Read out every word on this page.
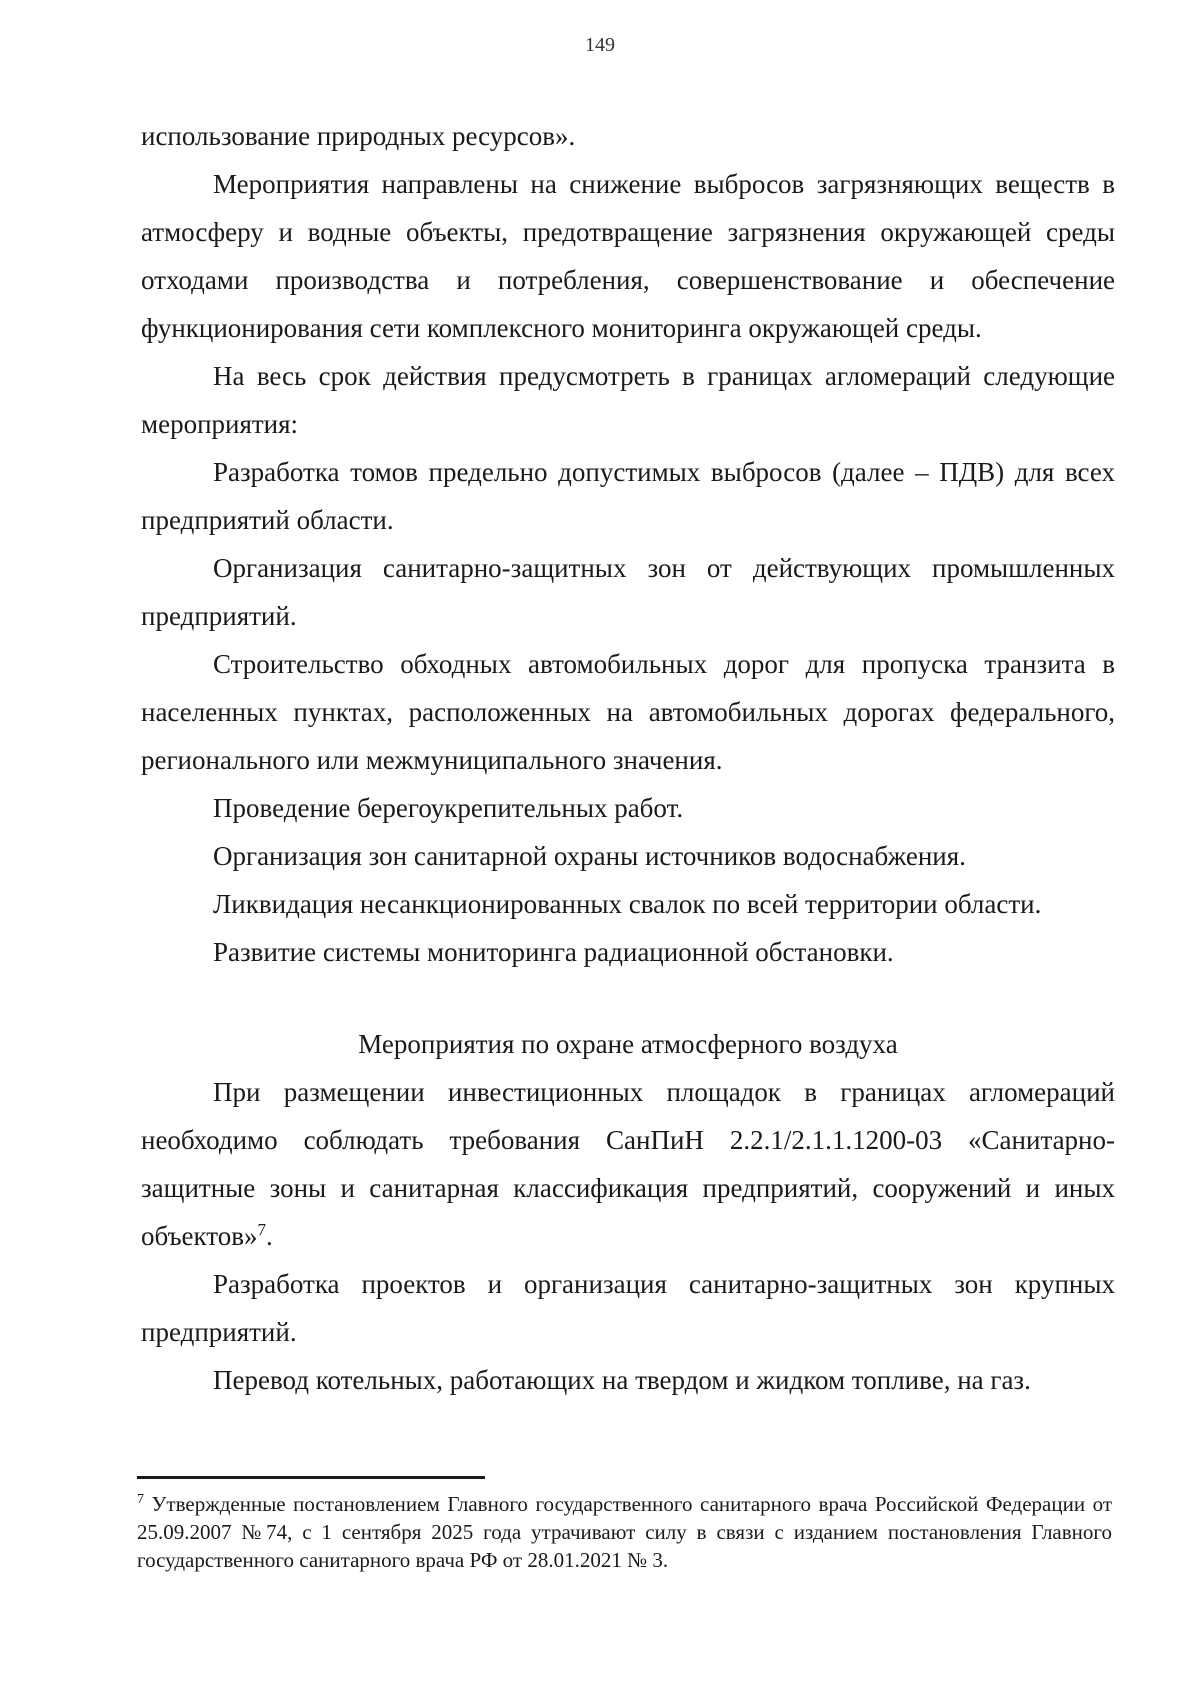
149

использование природных ресурсов».

Мероприятия направлены на снижение выбросов загрязняющих веществ в атмосферу и водные объекты, предотвращение загрязнения окружающей среды отходами производства и потребления, совершенствование и обеспечение функционирования сети комплексного мониторинга окружающей среды.

На весь срок действия предусмотреть в границах агломераций следующие мероприятия:

Разработка томов предельно допустимых выбросов (далее – ПДВ) для всех предприятий области.

Организация санитарно-защитных зон от действующих промышленных предприятий.

Строительство обходных автомобильных дорог для пропуска транзита в населенных пунктах, расположенных на автомобильных дорогах федерального, регионального или межмуниципального значения.

Проведение берегоукрепительных работ.

Организация зон санитарной охраны источников водоснабжения.

Ликвидация несанкционированных свалок по всей территории области.

Развитие системы мониторинга радиационной обстановки.

Мероприятия по охране атмосферного воздуха

При размещении инвестиционных площадок в границах агломераций необходимо соблюдать требования СанПиН 2.2.1/2.1.1.1200-03 «Санитарно-защитные зоны и санитарная классификация предприятий, сооружений и иных объектов»$^7$.

Разработка проектов и организация санитарно-защитных зон крупных предприятий.

Перевод котельных, работающих на твердом и жидком топливе, на газ.

$^7$ Утвержденные постановлением Главного государственного санитарного врача Российской Федерации от 25.09.2007 №74, с 1 сентября 2025 года утрачивают силу в связи с изданием постановления Главного государственного санитарного врача РФ от 28.01.2021 № 3.
